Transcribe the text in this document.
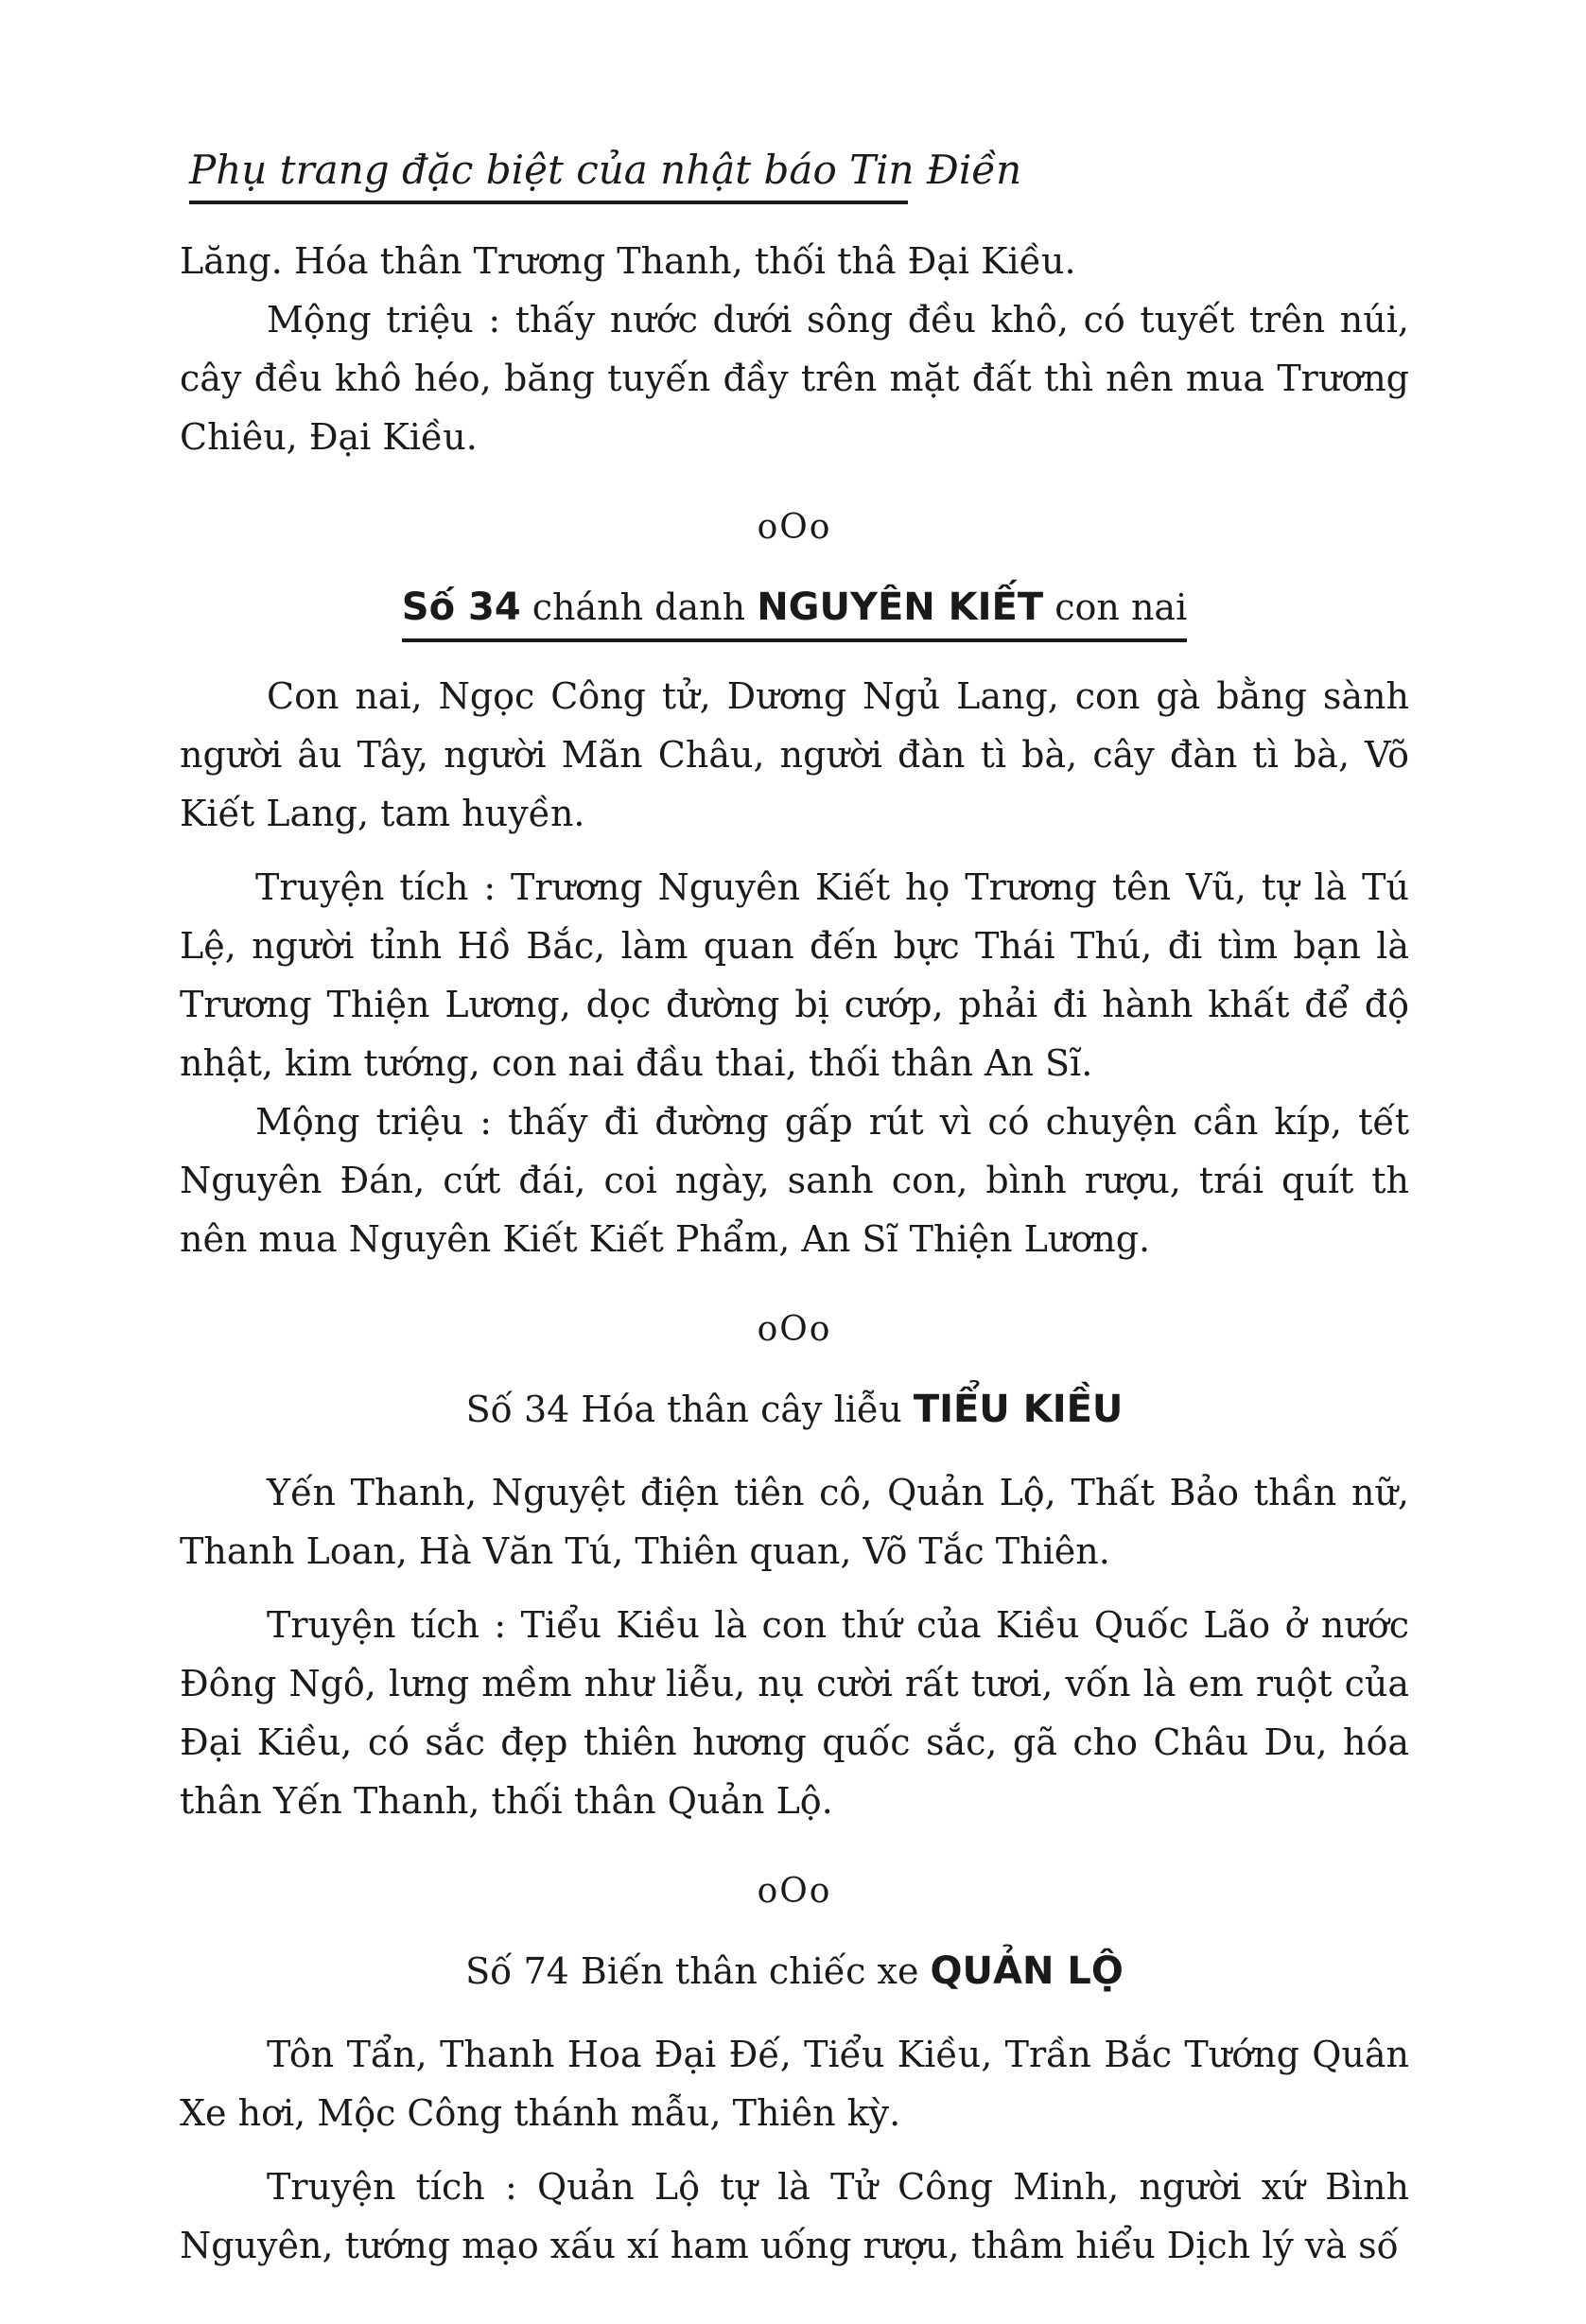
Phụ trang đặc biệt của nhật báo Tin Điền

Lăng. Hóa thân Trương Thanh, thối thâ Đại Kiều.

Mộng triệu : thấy nước dưới sông đều khô, có tuyết trên núi, cây đều khô héo, băng tuyến đầy trên mặt đất thì nên mua Trương Chiêu, Đại Kiều.

oOo
Số 34 chánh danh NGUYÊN KIẾT con nai

Con nai, Ngọc Công tử, Dương Ngủ Lang, con gà bằng sành người âu Tây, người Mãn Châu, người đàn tì bà, cây đàn tì bà, Võ Kiết Lang, tam huyền.

Truyện tích : Trương Nguyên Kiết họ Trương tên Vũ, tự là Tú Lệ, người tỉnh Hồ Bắc, làm quan đến bực Thái Thú, đi tìm bạn là Trương Thiện Lương, dọc đường bị cướp, phải đi hành khất để độ nhật, kim tướng, con nai đầu thai, thối thân An Sĩ.

Mộng triệu : thấy đi đường gấp rút vì có chuyện cần kíp, tết Nguyên Đán, cứt đái, coi ngày, sanh con, bình rượu, trái quít th nên mua Nguyên Kiết Kiết Phẩm, An Sĩ Thiện Lương.

oOo
Số 34 Hóa thân cây liễu TIỂU KIỀU

Yến Thanh, Nguyệt điện tiên cô, Quản Lộ, Thất Bảo thần nữ, Thanh Loan, Hà Văn Tú, Thiên quan, Võ Tắc Thiên.

Truyện tích : Tiểu Kiều là con thứ của Kiều Quốc Lão ở nước Đông Ngô, lưng mềm như liễu, nụ cười rất tươi, vốn là em ruột của Đại Kiều, có sắc đẹp thiên hương quốc sắc, gã cho Châu Du, hóa thân Yến Thanh, thối thân Quản Lộ.

oOo
Số 74 Biến thân chiếc xe QUẢN LỘ

Tôn Tẩn, Thanh Hoa Đại Đế, Tiểu Kiều, Trần Bắc Tướng Quân Xe hơi, Mộc Công thánh mẫu, Thiên kỳ.

Truyện tích : Quản Lộ tự là Tử Công Minh, người xứ Bình Nguyên, tướng mạo xấu xí ham uống rượu, thâm hiểu Dịch lý và số
